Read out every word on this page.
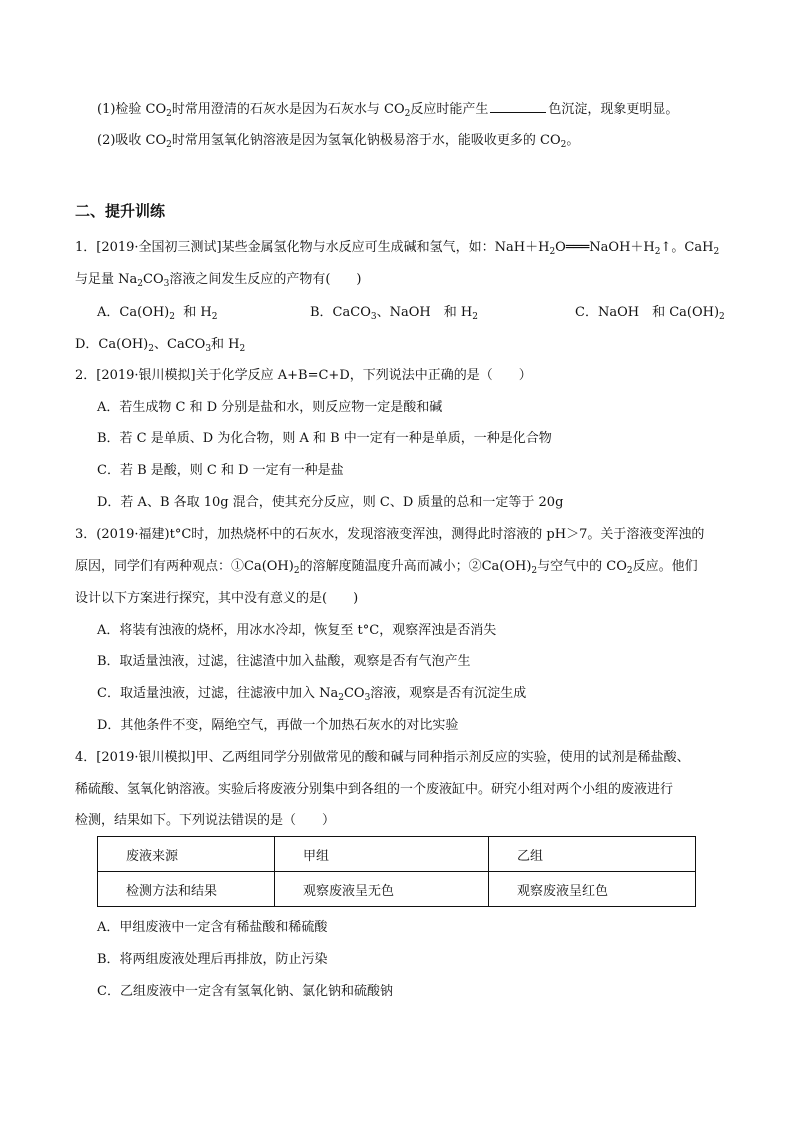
(1)检验 $CO_2$时常用澄清的石灰水是因为石灰水与 $CO_2$反应时能产生	色沉淀，现象更明显。
(2)吸收 $CO_2$时常用氢氧化钠溶液是因为氢氧化钠极易溶于水，能吸收更多的 $CO_2$。
二、提升训练
1．[2019·全国初三测试]某些金属氢化物与水反应可生成碱和氢气，如：$NaH+H_2O═══NaOH+H_2↑$。CaH$_2$
与足量 $Na_2CO_3$溶液之间发生反应的产物有(　　)
A．$Ca(OH)_2$ 和 $H_2$	B．CaCO$_3$、NaOH　和 $H_2$	C．NaOH　和 $Ca(OH)_2$
D．$Ca(OH)_2$、CaCO$_3$和 $H_2$
2．[2019·银川模拟]关于化学反应 A+B=C+D，下列说法中正确的是（　　）
A．若生成物 C 和 D 分别是盐和水，则反应物一定是酸和碱
B．若 C 是单质、D 为化合物，则 A 和 B 中一定有一种是单质，一种是化合物
C．若 B 是酸，则 C 和 D 一定有一种是盐
D．若 A、B 各取 10g 混合，使其充分反应，则 C、D 质量的总和一定等于 20g
3．(2019·福建)t°C时，加热烧杯中的石灰水，发现溶液变浑浊，测得此时溶液的 pH＞7。关于溶液变浑浊的
原因，同学们有两种观点：$①Ca(OH)_2$的溶解度随温度升高而减小；$②Ca(OH)_2$与空气中的 $CO_2$反应。他们
设计以下方案进行探究，其中没有意义的是(　　)
A．将装有浊液的烧杯，用冰水冷却，恢复至 t°C，观察浑浊是否消失
B．取适量浊液，过滤，往滤渣中加入盐酸，观察是否有气泡产生
C．取适量浊液，过滤，往滤液中加入 $Na_2CO_3$溶液，观察是否有沉淀生成
D．其他条件不变，隔绝空气，再做一个加热石灰水的对比实验
4．[2019·银川模拟]甲、乙两组同学分别做常见的酸和碱与同种指示剂反应的实验，使用的试剂是稀盐酸、
稀硫酸、氢氧化钠溶液。实验后将废液分别集中到各组的一个废液缸中。研究小组对两个小组的废液进行
检测，结果如下。下列说法错误的是（　　）
废液来源	甲组	乙组
检测方法和结果	观察废液呈无色	观察废液呈红色
A．甲组废液中一定含有稀盐酸和稀硫酸
B．将两组废液处理后再排放，防止污染
C．乙组废液中一定含有氢氧化钠、氯化钠和硫酸钠
